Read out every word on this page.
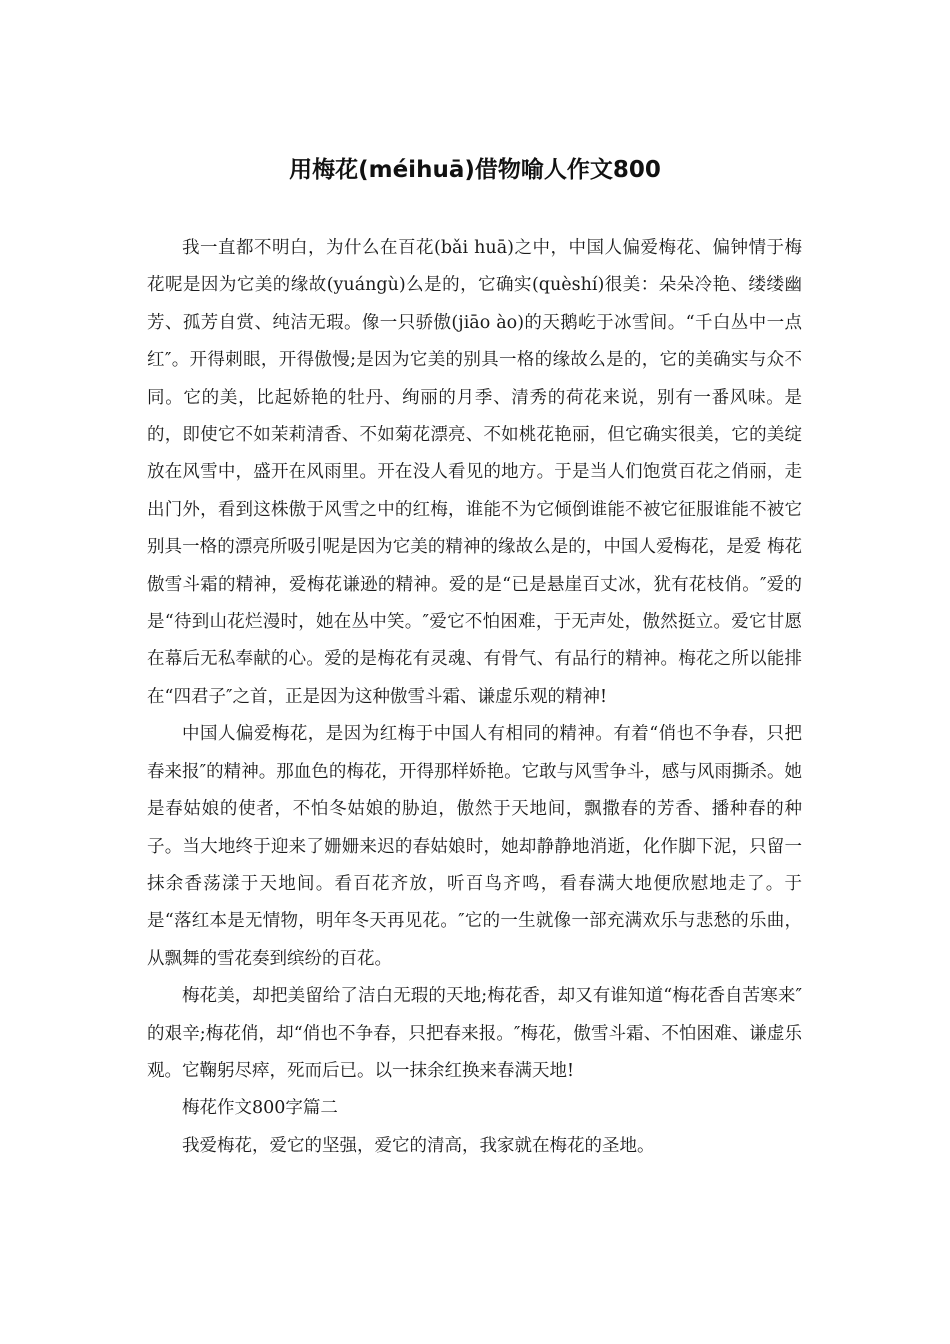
用梅花(méihuā)借物喻人作文800

我一直都不明白，为什么在百花(bǎi huā)之中，中国人偏爱梅花、偏钟情于梅花呢是因为它美的缘故(yuángù)么是的，它确实(quèshí)很美：朵朵冷艳、缕缕幽芳、孤芳自赏、纯洁无瑕。像一只骄傲(jiāo ào)的天鹅屹于冰雪间。“千白丛中一点红″。开得刺眼，开得傲慢;是因为它美的别具一格的缘故么是的，它的美确实与众不同。它的美，比起娇艳的牡丹、绚丽的月季、清秀的荷花来说，别有一番风味。是的，即使它不如茉莉清香、不如菊花漂亮、不如桃花艳丽，但它确实很美，它的美绽放在风雪中，盛开在风雨里。开在没人看见的地方。于是当人们饱赏百花之俏丽，走出门外，看到这株傲于风雪之中的红梅，谁能不为它倾倒谁能不被它征服谁能不被它别具一格的漂亮所吸引呢是因为它美的精神的缘故么是的，中国人爱梅花，是爱 梅花傲雪斗霜的精神，爱梅花谦逊的精神。爱的是“已是悬崖百丈冰，犹有花枝俏。″爱的是“待到山花烂漫时，她在丛中笑。″爱它不怕困难，于无声处，傲然挺立。爱它甘愿在幕后无私奉献的心。爱的是梅花有灵魂、有骨气、有品行的精神。梅花之所以能排在“四君子″之首，正是因为这种傲雪斗霜、谦虚乐观的精神!

中国人偏爱梅花，是因为红梅于中国人有相同的精神。有着“俏也不争春，只把春来报″的精神。那血色的梅花，开得那样娇艳。它敢与风雪争斗，感与风雨撕杀。她是春姑娘的使者，不怕冬姑娘的胁迫，傲然于天地间，飘撒春的芳香、播种春的种子。当大地终于迎来了姗姗来迟的春姑娘时，她却静静地消逝，化作脚下泥，只留一抹余香荡漾于天地间。看百花齐放，听百鸟齐鸣，看春满大地便欣慰地走了。于是“落红本是无情物，明年冬天再见花。″它的一生就像一部充满欢乐与悲愁的乐曲，从飘舞的雪花奏到缤纷的百花。

梅花美，却把美留给了洁白无瑕的天地;梅花香，却又有谁知道“梅花香自苦寒来″的艰辛;梅花俏，却“俏也不争春，只把春来报。″梅花，傲雪斗霜、不怕困难、谦虚乐观。它鞠躬尽瘁，死而后已。以一抹余红换来春满天地!

梅花作文800字篇二

我爱梅花，爱它的坚强，爱它的清高，我家就在梅花的圣地。
